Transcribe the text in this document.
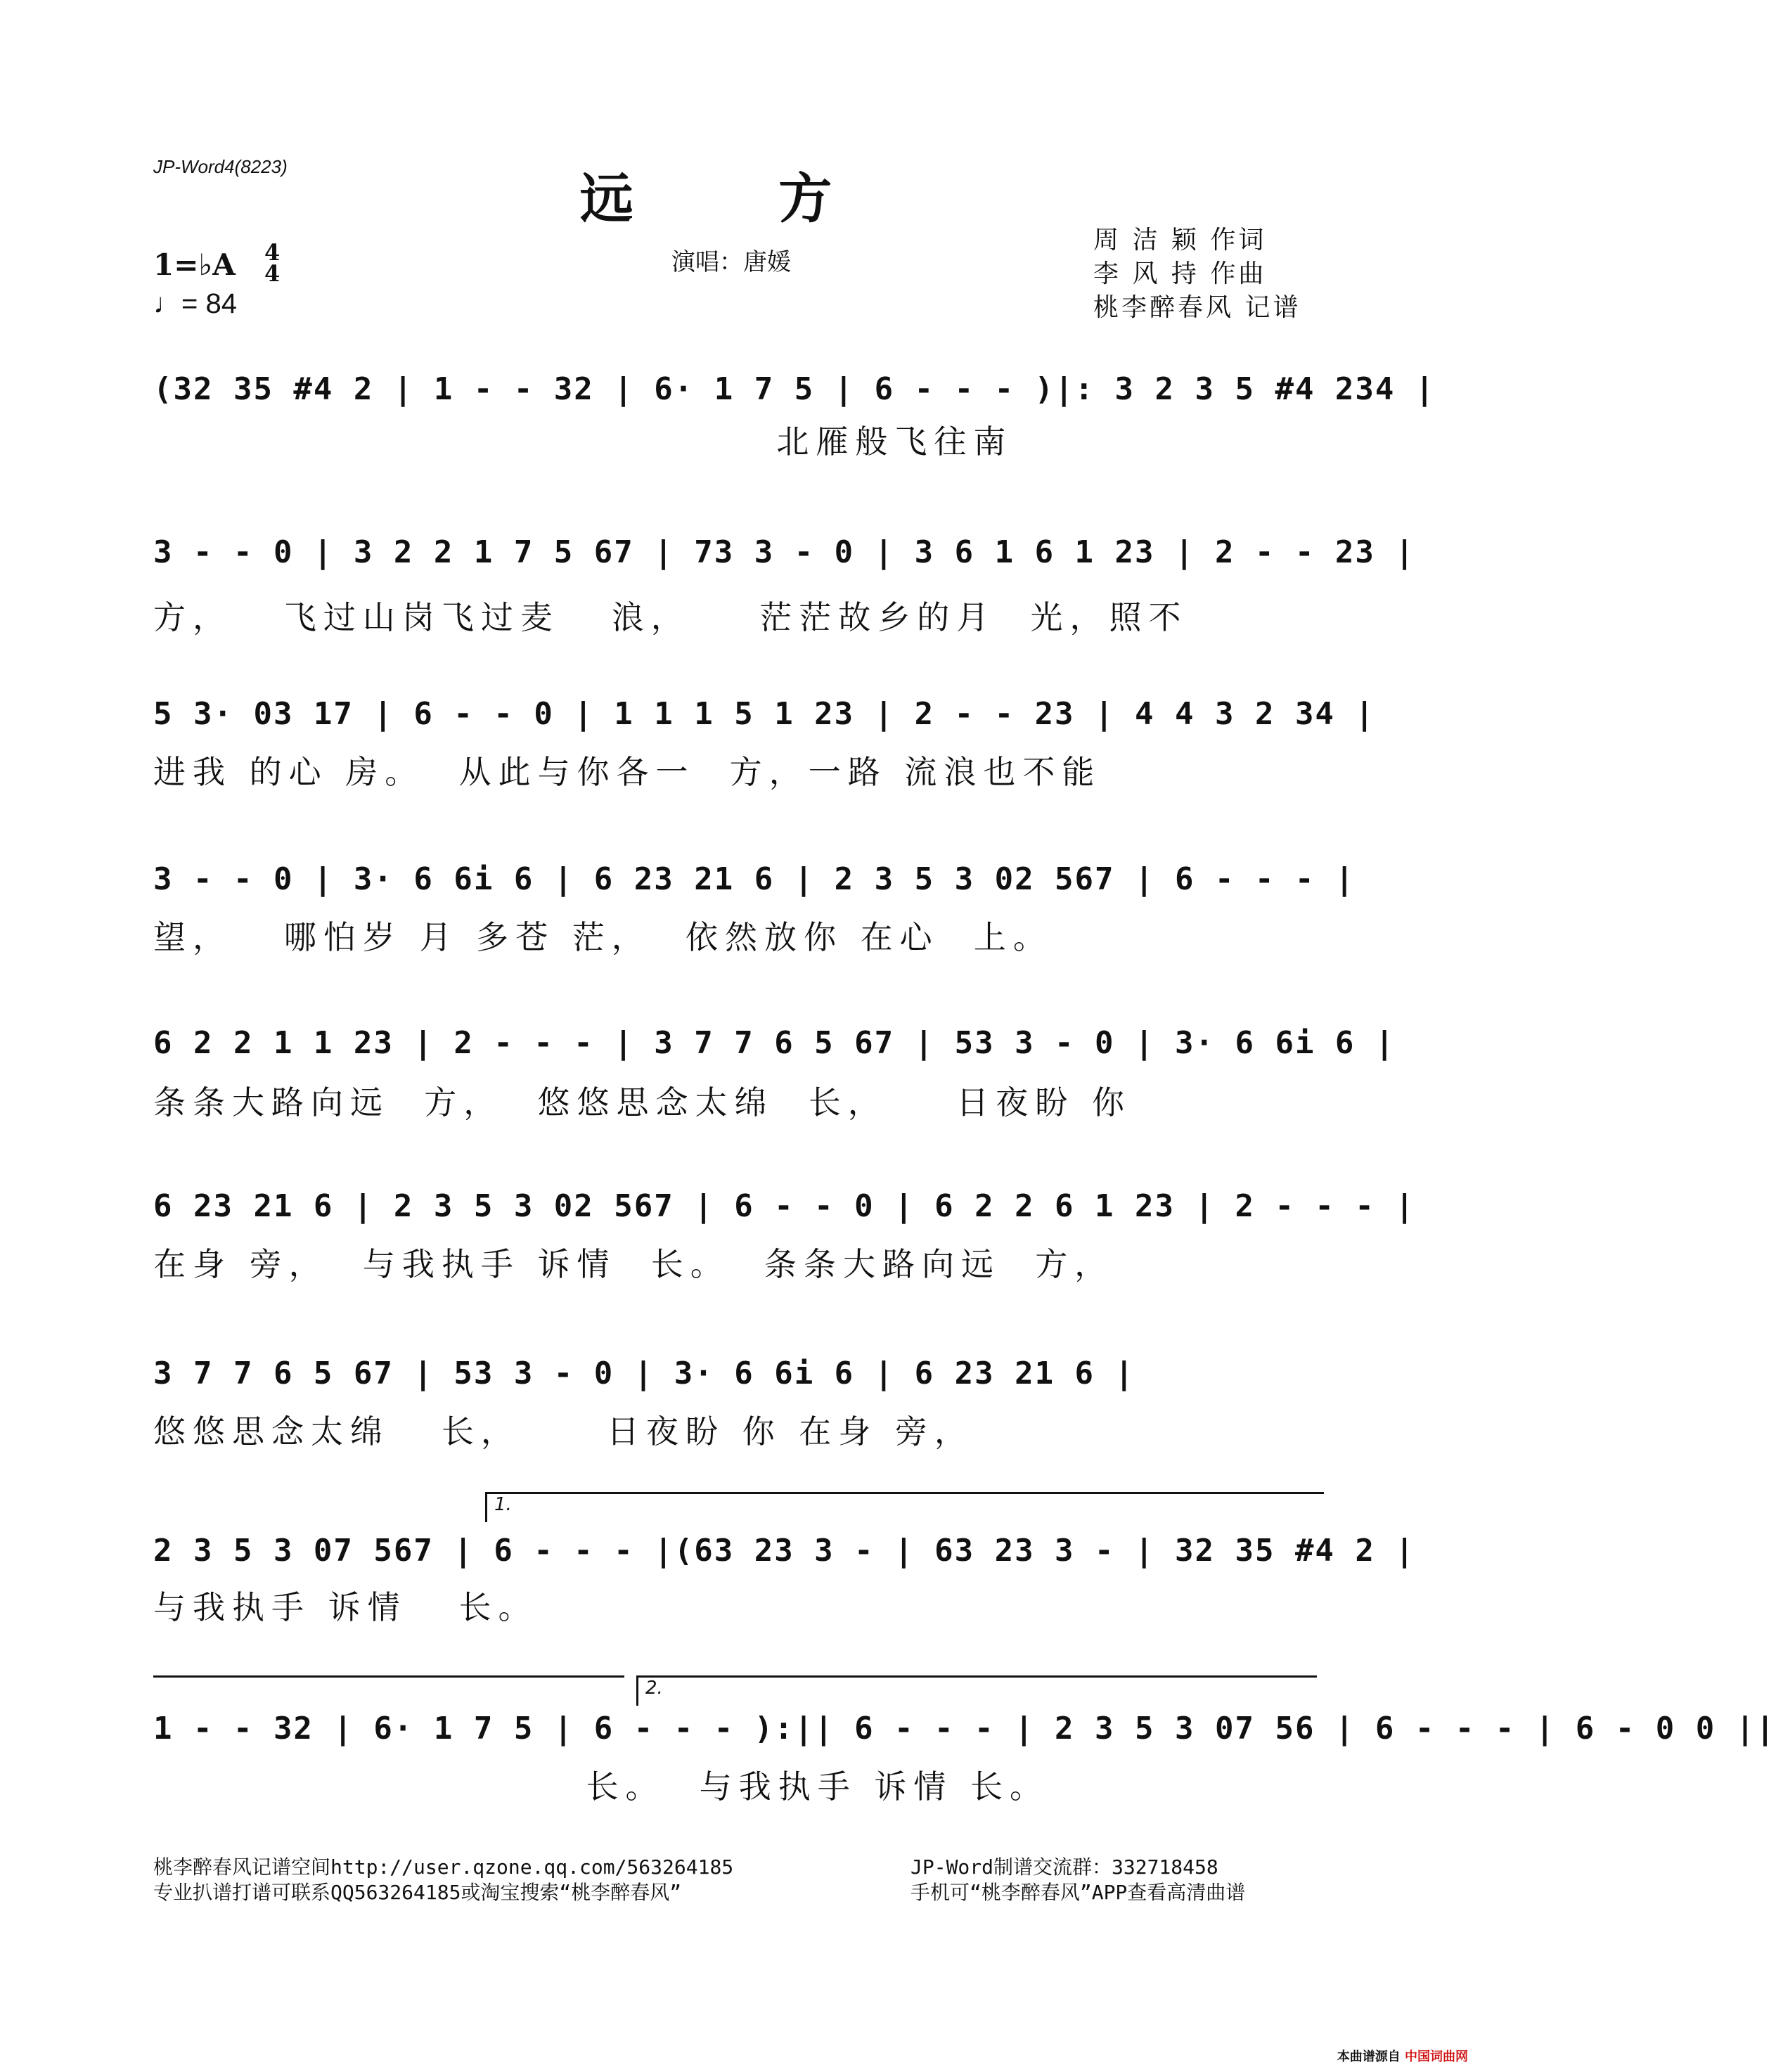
JP-Word4(8223)
远 方
演唱：唐媛
周 洁 颖 作词
李 风 持 作曲
桃李醉春风 记谱
1=♭A 4
4
♩= 84
(32 35 #4 2 | 1 - - 32 | 6· 1 7 5 | 6 - - - )|: 3 2 3 5 #4 234 |
北雁般飞往南
3 - - 0 | 3 2 2 1 7 5 67 | 73 3 - 0 | 3 6 1 6 1 23 | 2 - - 23 |
方，   飞过山岗飞过麦   浪，    茫茫故乡的月  光，照不
5 3· 03 17 | 6 - - 0 | 1 1 1 5 1 23 | 2 - - 23 | 4 4 3 2 34 |
进我 的心 房。  从此与你各一  方，一路 流浪也不能
3 - - 0 | 3· 6 6i 6 | 6 23 21 6 | 2 3 5 3 02 567 | 6 - - - |
望，   哪怕岁 月 多苍 茫，  依然放你 在心  上。
6 2 2 1 1 23 | 2 - - - | 3 7 7 6 5 67 | 53 3 - 0 | 3· 6 6i 6 |
条条大路向远  方，  悠悠思念太绵  长，    日夜盼 你
6 23 21 6 | 2 3 5 3 02 567 | 6 - - 0 | 6 2 2 6 1 23 | 2 - - - |
在身 旁，  与我执手 诉情  长。  条条大路向远  方，
3 7 7 6 5 67 | 53 3 - 0 | 3· 6 6i 6 | 6 23 21 6 |
悠悠思念太绵   长，     日夜盼 你 在身 旁，
1.
2 3 5 3 07 567 | 6 - - - |(63 23 3 - | 63 23 3 - | 32 35 #4 2 |
与我执手 诉情   长。
2.
1 - - 32 | 6· 1 7 5 | 6 - - - ):|| 6 - - - | 2 3 5 3 07 56 | 6 - - - | 6 - 0 0 ||
长。  与我执手 诉情 长。
桃李醉春风记谱空间http://user.qzone.qq.com/563264185
专业扒谱打谱可联系QQ563264185或淘宝搜索“桃李醉春风”
JP-Word制谱交流群：332718458
手机可“桃李醉春风”APP查看高清曲谱
本曲谱源自 中国词曲网
